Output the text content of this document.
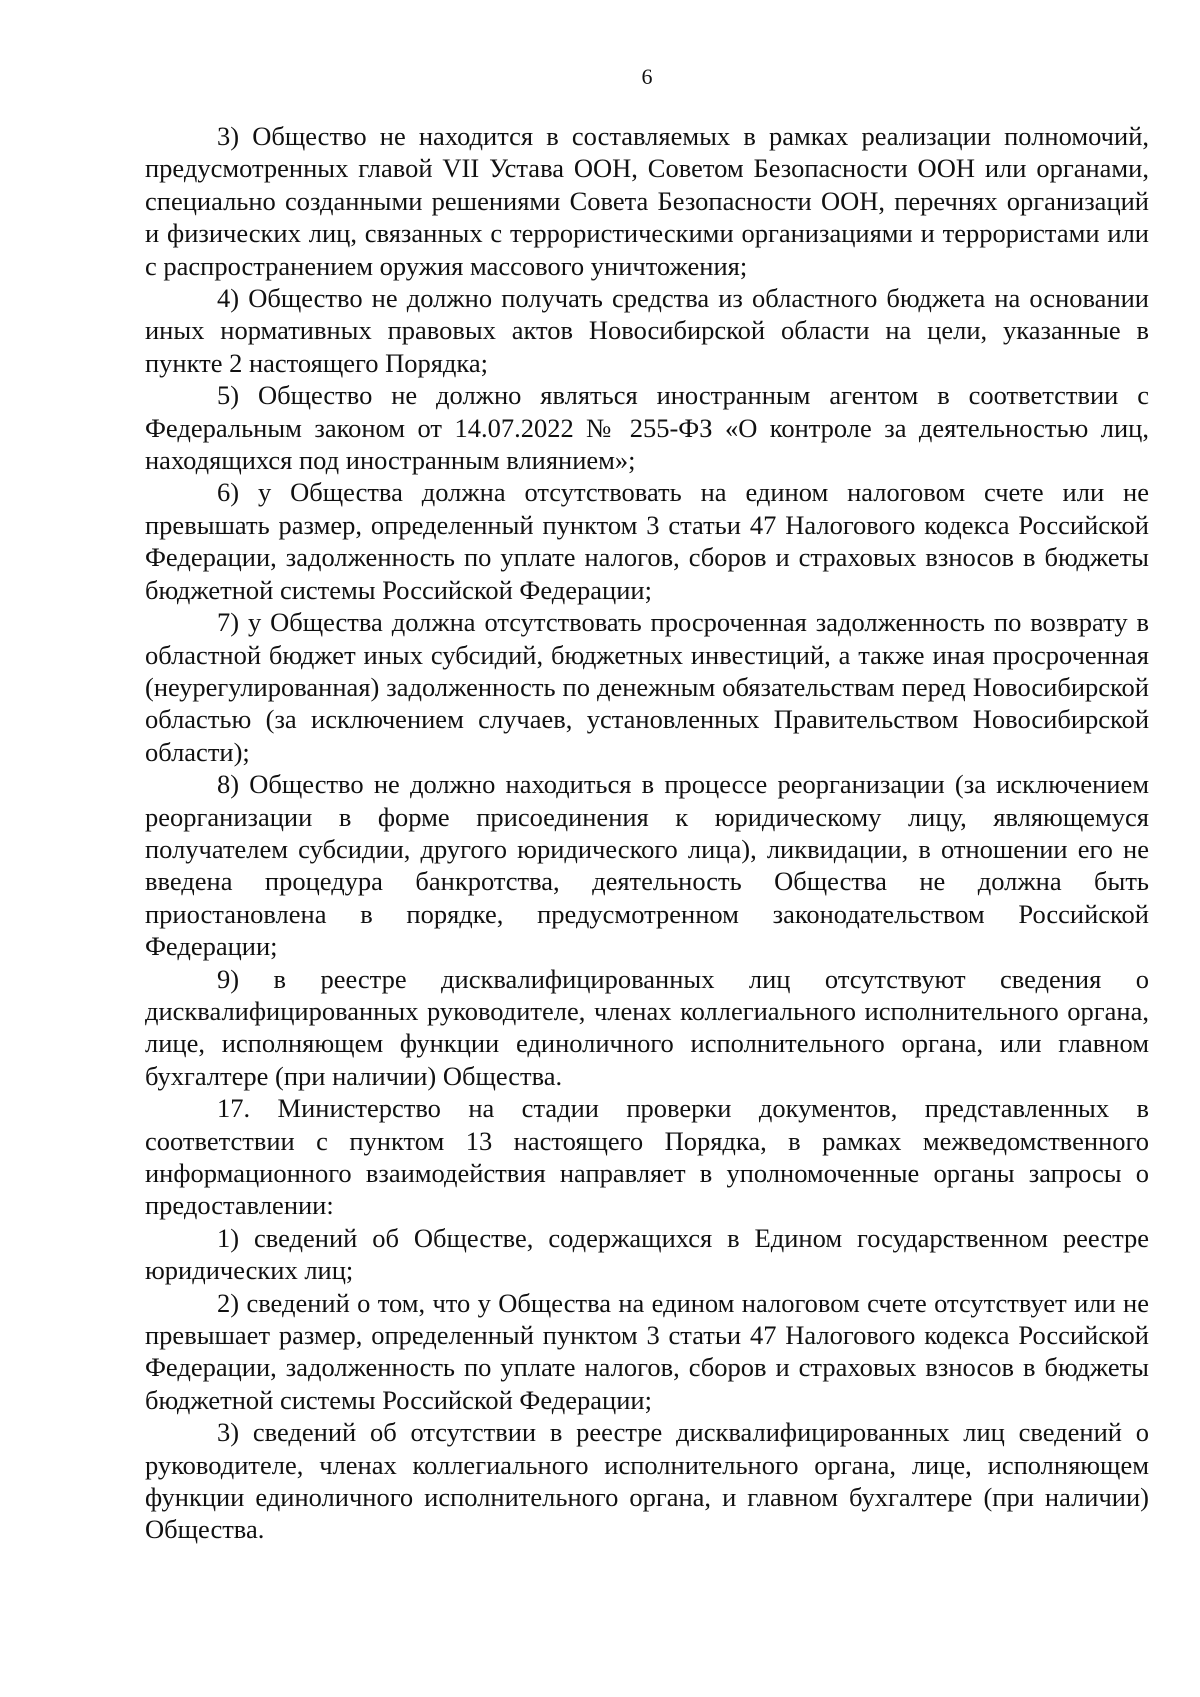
6

3) Общество не находится в составляемых в рамках реализации полномочий, предусмотренных главой VII Устава ООН, Советом Безопасности ООН или органами, специально созданными решениями Совета Безопасности ООН, перечнях организаций и физических лиц, связанных с террористическими организациями и террористами или с распространением оружия массового уничтожения;

4) Общество не должно получать средства из областного бюджета на основании иных нормативных правовых актов Новосибирской области на цели, указанные в пункте 2 настоящего Порядка;

5) Общество не должно являться иностранным агентом в соответствии с Федеральным законом от 14.07.2022 № 255-ФЗ «О контроле за деятельностью лиц, находящихся под иностранным влиянием»;

6) у Общества должна отсутствовать на едином налоговом счете или не превышать размер, определенный пунктом 3 статьи 47 Налогового кодекса Российской Федерации, задолженность по уплате налогов, сборов и страховых взносов в бюджеты бюджетной системы Российской Федерации;

7) у Общества должна отсутствовать просроченная задолженность по возврату в областной бюджет иных субсидий, бюджетных инвестиций, а также иная просроченная (неурегулированная) задолженность по денежным обязательствам перед Новосибирской областью (за исключением случаев, установленных Правительством Новосибирской области);

8) Общество не должно находиться в процессе реорганизации (за исключением реорганизации в форме присоединения к юридическому лицу, являющемуся получателем субсидии, другого юридического лица), ликвидации, в отношении его не введена процедура банкротства, деятельность Общества не должна быть приостановлена в порядке, предусмотренном законодательством Российской Федерации;

9) в реестре дисквалифицированных лиц отсутствуют сведения о дисквалифицированных руководителе, членах коллегиального исполнительного органа, лице, исполняющем функции единоличного исполнительного органа, или главном бухгалтере (при наличии) Общества.

17. Министерство на стадии проверки документов, представленных в соответствии с пунктом 13 настоящего Порядка, в рамках межведомственного информационного взаимодействия направляет в уполномоченные органы запросы о предоставлении:

1) сведений об Обществе, содержащихся в Едином государственном реестре юридических лиц;

2) сведений о том, что у Общества на едином налоговом счете отсутствует или не превышает размер, определенный пунктом 3 статьи 47 Налогового кодекса Российской Федерации, задолженность по уплате налогов, сборов и страховых взносов в бюджеты бюджетной системы Российской Федерации;

3) сведений об отсутствии в реестре дисквалифицированных лиц сведений о руководителе, членах коллегиального исполнительного органа, лице, исполняющем функции единоличного исполнительного органа, и главном бухгалтере (при наличии) Общества.
